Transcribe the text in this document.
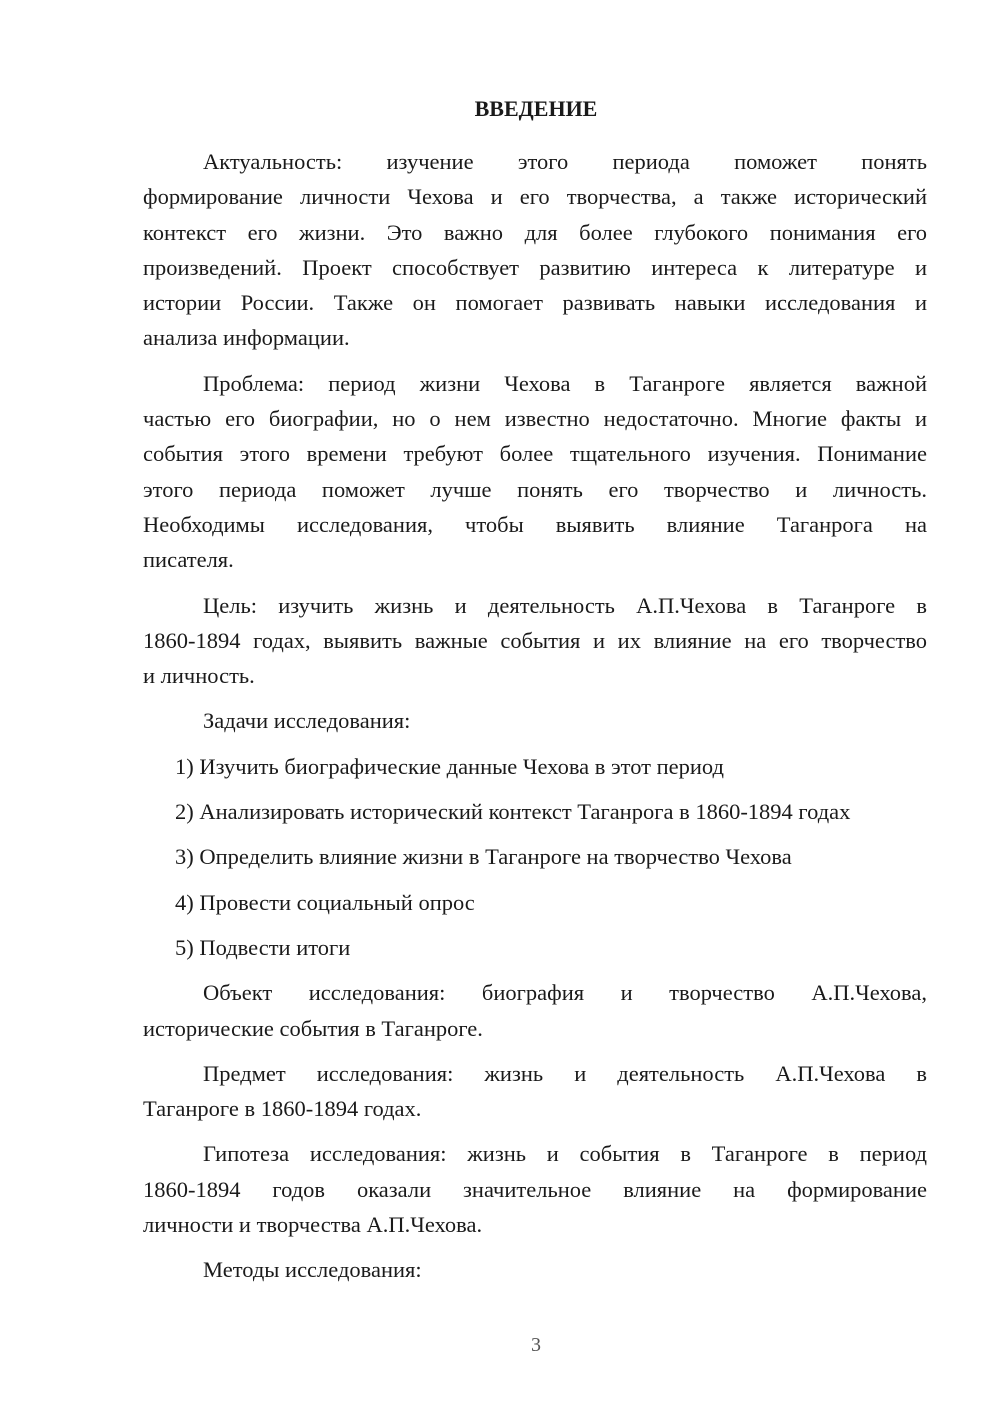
ВВЕДЕНИЕ
Актуальность: изучение этого периода поможет понять
формирование личности Чехова и его творчества, а также исторический
контекст его жизни. Это важно для более глубокого понимания его
произведений. Проект способствует развитию интереса к литературе и
истории России. Также он помогает развивать навыки исследования и
анализа информации.
Проблема: период жизни Чехова в Таганроге является важной
частью его биографии, но о нем известно недостаточно. Многие факты и
события этого времени требуют более тщательного изучения. Понимание
этого периода поможет лучше понять его творчество и личность.
Необходимы исследования, чтобы выявить влияние Таганрога на
писателя.
Цель: изучить жизнь и деятельность А.П.Чехова в Таганроге в
1860-1894 годах, выявить важные события и их влияние на его творчество
и личность.
Задачи исследования:
1) Изучить биографические данные Чехова в этот период
2) Анализировать исторический контекст Таганрога в 1860-1894 годах
3) Определить влияние жизни в Таганроге на творчество Чехова
4) Провести социальный опрос
5) Подвести итоги
Объект исследования: биография и творчество А.П.Чехова,
исторические события в Таганроге.
Предмет исследования: жизнь и деятельность А.П.Чехова в
Таганроге в 1860-1894 годах.
Гипотеза исследования: жизнь и события в Таганроге в период
1860-1894 годов оказали значительное влияние на формирование
личности и творчества А.П.Чехова.
Методы исследования:
3
